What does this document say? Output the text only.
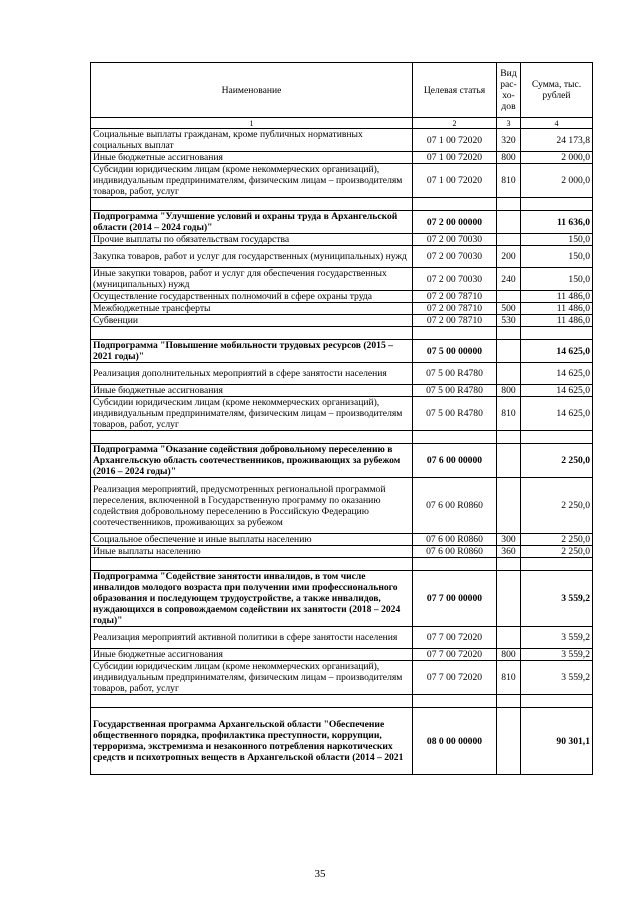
Наименование	Целевая статья	Вид рас-хо-дов	Сумма, тыс. рублей
1	2	3	4
Социальные выплаты гражданам, кроме публичных нормативных социальных выплат	07 1 00 72020	320	24 173,8
Иные бюджетные ассигнования	07 1 00 72020	800	2 000,0
Субсидии юридическим лицам (кроме некоммерческих организаций), индивидуальным предпринимателям, физическим лицам – производителям товаров, работ, услуг	07 1 00 72020	810	2 000,0

Подпрограмма "Улучшение условий и охраны труда в Архангельской области (2014 – 2024 годы)"	07 2 00 00000		11 636,0
Прочие выплаты по обязательствам государства	07 2 00 70030		150,0
Закупка товаров, работ и услуг для государственных (муниципальных) нужд	07 2 00 70030	200	150,0
Иные закупки товаров, работ и услуг для обеспечения государственных (муниципальных) нужд	07 2 00 70030	240	150,0
Осуществление государственных полномочий в сфере охраны труда	07 2 00 78710		11 486,0
Межбюджетные трансферты	07 2 00 78710	500	11 486,0
Субвенции	07 2 00 78710	530	11 486,0

Подпрограмма "Повышение мобильности трудовых ресурсов (2015 – 2021 годы)"	07 5 00 00000		14 625,0
Реализация дополнительных мероприятий в сфере занятости населения	07 5 00 R4780		14 625,0
Иные бюджетные ассигнования	07 5 00 R4780	800	14 625,0
Субсидии юридическим лицам (кроме некоммерческих организаций), индивидуальным предпринимателям, физическим лицам – производителям товаров, работ, услуг	07 5 00 R4780	810	14 625,0

Подпрограмма "Оказание содействия добровольному переселению в Архангельскую область соотечественников, проживающих за рубежом (2016 – 2024 годы)"	07 6 00 00000		2 250,0
Реализация мероприятий, предусмотренных региональной программой переселения, включенной в Государственную программу по оказанию содействия добровольному переселению в Российскую Федерацию соотечественников, проживающих за рубежом	07 6 00 R0860		2 250,0
Социальное обеспечение и иные выплаты населению	07 6 00 R0860	300	2 250,0
Иные выплаты населению	07 6 00 R0860	360	2 250,0

Подпрограмма "Содействие занятости инвалидов, в том числе инвалидов молодого возраста при получении ими профессионального образования и последующем трудоустройстве, а также инвалидов, нуждающихся в сопровождаемом содействии их занятости (2018 – 2024 годы)"	07 7 00 00000		3 559,2
Реализация мероприятий активной политики в сфере занятости населения	07 7 00 72020		3 559,2
Иные бюджетные ассигнования	07 7 00 72020	800	3 559,2
Субсидии юридическим лицам (кроме некоммерческих организаций), индивидуальным предпринимателям, физическим лицам – производителям товаров, работ, услуг	07 7 00 72020	810	3 559,2

Государственная программа Архангельской области "Обеспечение общественного порядка, профилактика преступности, коррупции, терроризма, экстремизма и незаконного потребления наркотических средств и психотропных веществ в Архангельской области (2014 – 2021	08 0 00 00000		90 301,1
35
